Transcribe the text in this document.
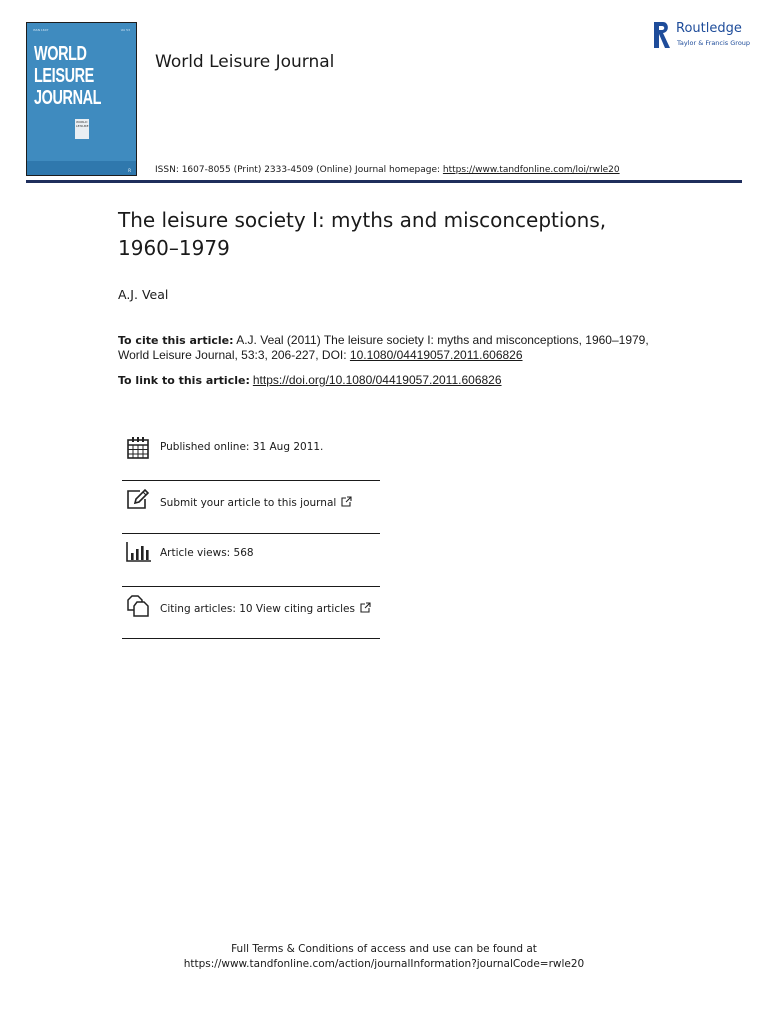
ISSN 1607	Vol 53
WORLD
LEISURE
JOURNAL
WORLD
LEISURE
R
World Leisure Journal
ISSN: 1607-8055 (Print) 2333-4509 (Online) Journal homepage: https://www.tandfonline.com/loi/rwle20
Routledge
Taylor & Francis Group
The leisure society I: myths and misconceptions,
1960–1979
A.J. Veal
To cite this article: A.J. Veal (2011) The leisure society I: myths and misconceptions, 1960–1979, World Leisure Journal, 53:3, 206-227, DOI: 10.1080/04419057.2011.606826
To link to this article: https://doi.org/10.1080/04419057.2011.606826
Published online: 31 Aug 2011.
Submit your article to this journal
Article views: 568
Citing articles: 10 View citing articles
Full Terms & Conditions of access and use can be found at
https://www.tandfonline.com/action/journalInformation?journalCode=rwle20
